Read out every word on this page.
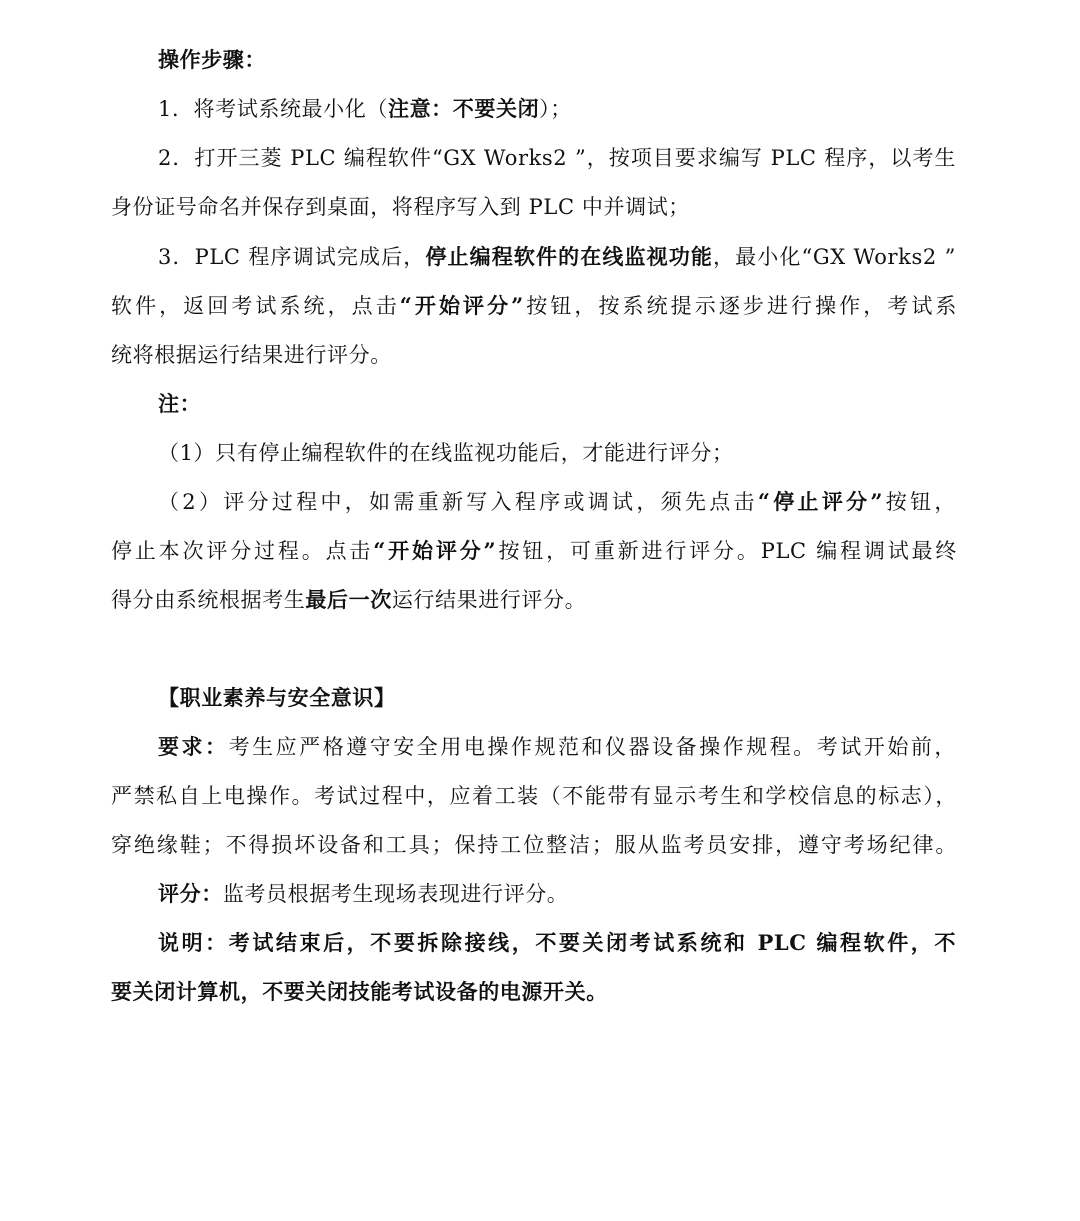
操作步骤：
1．将考试系统最小化（注意：不要关闭）；
2．打开三菱 PLC 编程软件“GX Works2 ”，按项目要求编写 PLC 程序，以考生
身份证号命名并保存到桌面，将程序写入到 PLC 中并调试；
3．PLC 程序调试完成后，停止编程软件的在线监视功能，最小化“GX Works2 ”
软件，返回考试系统，点击“开始评分”按钮，按系统提示逐步进行操作，考试系
统将根据运行结果进行评分。
注：
（1）只有停止编程软件的在线监视功能后，才能进行评分；
（2）评分过程中，如需重新写入程序或调试，须先点击“停止评分”按钮，
停止本次评分过程。点击“开始评分”按钮，可重新进行评分。PLC 编程调试最终
得分由系统根据考生最后一次运行结果进行评分。
【职业素养与安全意识】
要求：考生应严格遵守安全用电操作规范和仪器设备操作规程。考试开始前，
严禁私自上电操作。考试过程中，应着工装（不能带有显示考生和学校信息的标志），
穿绝缘鞋；不得损坏设备和工具；保持工位整洁；服从监考员安排，遵守考场纪律。
评分：监考员根据考生现场表现进行评分。
说明：考试结束后，不要拆除接线，不要关闭考试系统和 PLC 编程软件，不
要关闭计算机，不要关闭技能考试设备的电源开关。
